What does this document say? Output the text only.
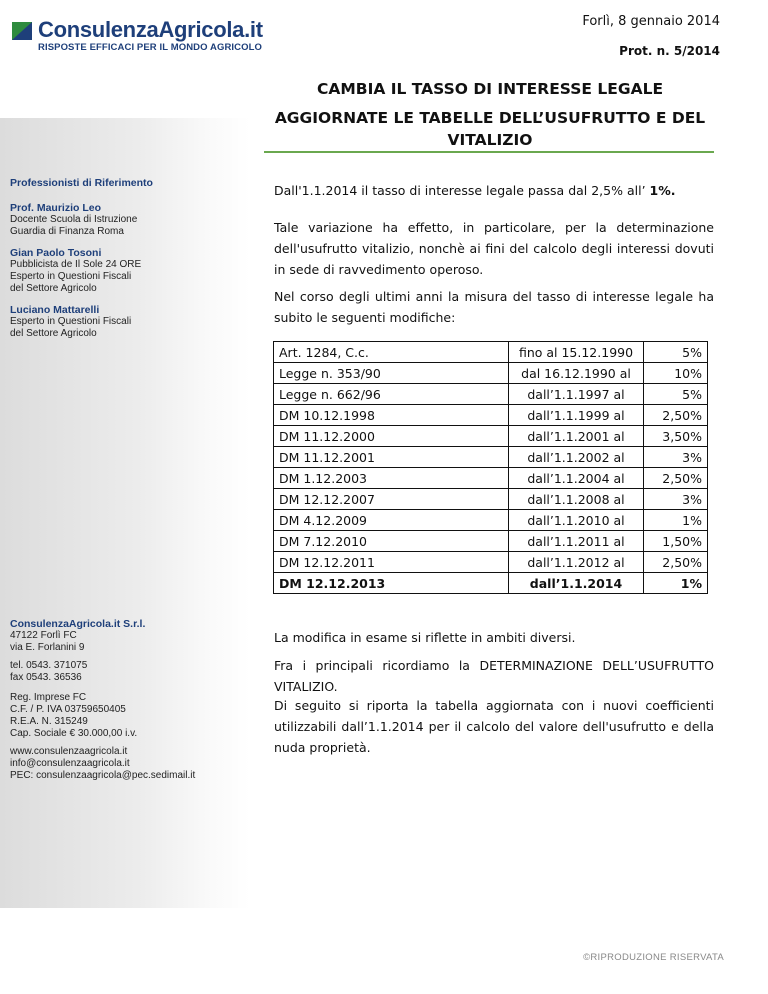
ConsulenzaAgricola.it
RISPOSTE EFFICACI PER IL MONDO AGRICOLO
Forlì, 8 gennaio 2014
Prot. n. 5/2014
CAMBIA IL TASSO DI INTERESSE LEGALE
AGGIORNATE LE TABELLE DELL’USUFRUTTO E DEL VITALIZIO
Professionisti di Riferimento
Prof. Maurizio Leo
Docente Scuola di Istruzione
Guardia di Finanza Roma
Gian Paolo Tosoni
Pubblicista de Il Sole 24 ORE
Esperto in Questioni Fiscali
del Settore Agricolo
Luciano Mattarelli
Esperto in Questioni Fiscali
del Settore Agricolo
ConsulenzaAgricola.it S.r.l.
47122 Forlì FC
via E. Forlanini 9
tel. 0543. 371075
fax 0543. 36536
Reg. Imprese FC
C.F. / P. IVA 03759650405
R.E.A. N. 315249
Cap. Sociale € 30.000,00 i.v.
www.consulenzaagricola.it
info@consulenzaagricola.it
PEC: consulenzaagricola@pec.sedimail.it
Dall'1.1.2014 il tasso di interesse legale passa dal 2,5% all’ 1%.
Tale variazione ha effetto, in particolare, per la determinazione dell'usufrutto vitalizio, nonchè ai fini del calcolo degli interessi dovuti in sede di ravvedimento operoso.
Nel corso degli ultimi anni la misura del tasso di interesse legale ha subito le seguenti modifiche:
Art. 1284, C.c.	fino al 15.12.1990	5%
Legge n. 353/90	dal 16.12.1990 al	10%
Legge n. 662/96	dall’1.1.1997 al	5%
DM 10.12.1998	dall’1.1.1999 al	2,50%
DM 11.12.2000	dall’1.1.2001 al	3,50%
DM 11.12.2001	dall’1.1.2002 al	3%
DM 1.12.2003	dall’1.1.2004 al	2,50%
DM 12.12.2007	dall’1.1.2008 al	3%
DM 4.12.2009	dall’1.1.2010 al	1%
DM 7.12.2010	dall’1.1.2011 al	1,50%
DM 12.12.2011	dall’1.1.2012 al	2,50%
DM 12.12.2013	dall’1.1.2014	1%
La modifica in esame si riflette in ambiti diversi.
Fra i principali ricordiamo la DETERMINAZIONE DELL’USUFRUTTO VITALIZIO.
Di seguito si riporta la tabella aggiornata con i nuovi coefficienti utilizzabili dall’1.1.2014 per il calcolo del valore dell'usufrutto e della nuda proprietà.
©RIPRODUZIONE RISERVATA
